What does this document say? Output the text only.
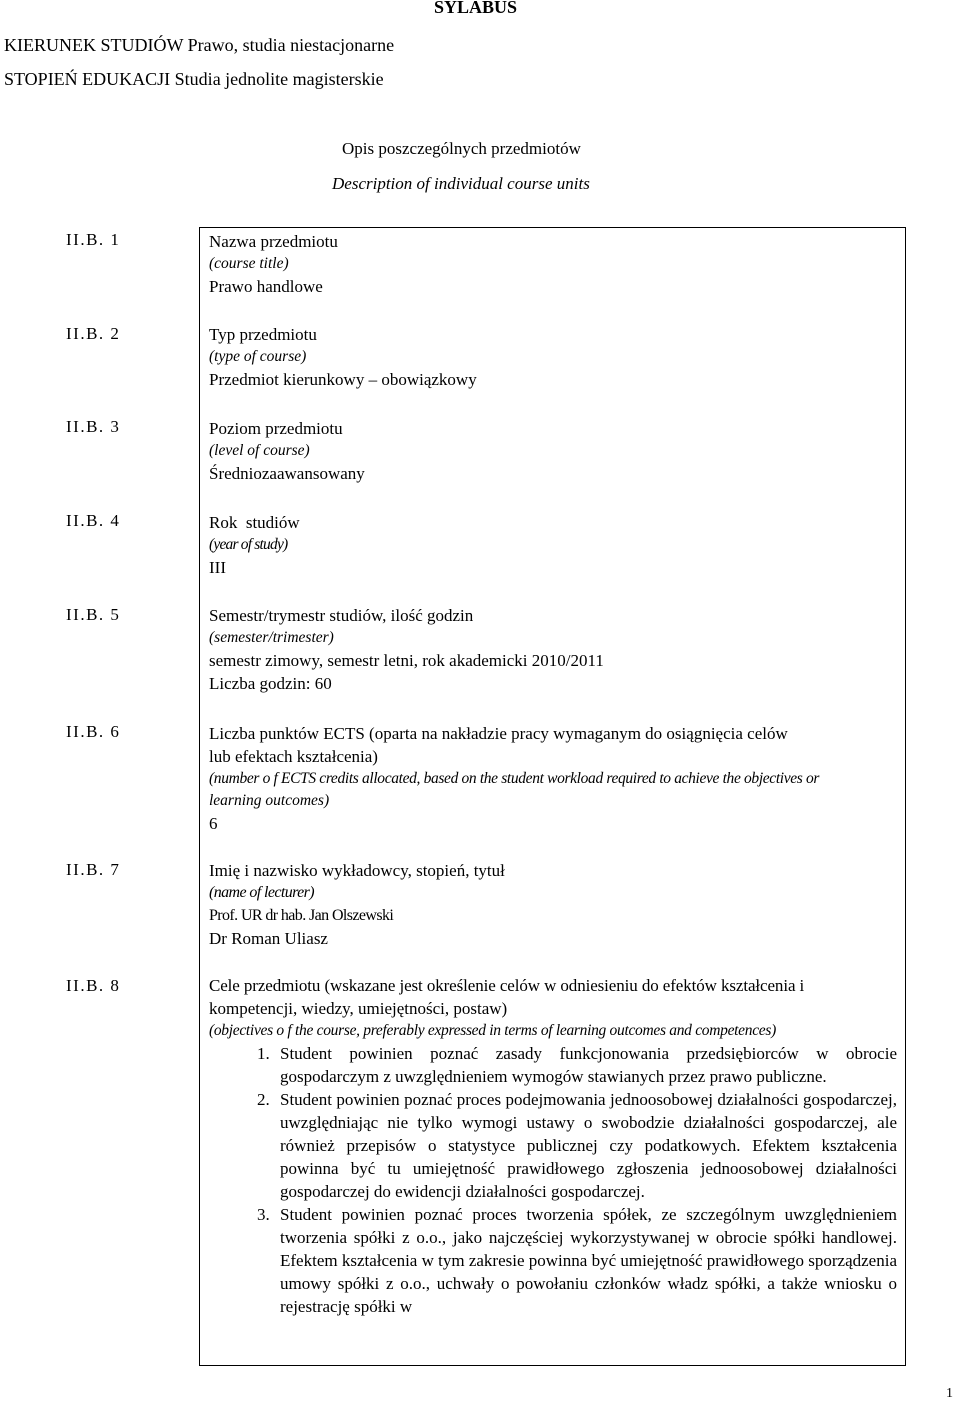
SYLABUS
KIERUNEK STUDIÓW Prawo, studia niestacjonarne
STOPIEŃ EDUKACJI Studia jednolite magisterskie
Opis poszczególnych przedmiotów
Description of individual course units
II.B. 1
II.B. 2
II.B. 3
II.B. 4
II.B. 5
II.B. 6
II.B. 7
II.B. 8
Nazwa przedmiotu
(course title)
Prawo handlowe
Typ przedmiotu
(type of course)
Przedmiot kierunkowy – obowiązkowy
Poziom przedmiotu
(level of course)
Średniozaawansowany
Rok  studiów
(year of study)
III
Semestr/trymestr studiów, ilość godzin
(semester/trimester)
semestr zimowy, semestr letni, rok akademicki 2010/2011
Liczba godzin: 60
Liczba punktów ECTS (oparta na nakładzie pracy wymaganym do osiągnięcia celów
lub efektach kształcenia)
(number o f ECTS credits allocated, based on the student workload required to achieve the objectives or
learning outcomes)
6
Imię i nazwisko wykładowcy, stopień, tytuł
(name of lecturer)
Prof. UR dr hab. Jan Olszewski
Dr Roman Uliasz
Cele przedmiotu (wskazane jest określenie celów w odniesieniu do efektów kształcenia i
kompetencji, wiedzy, umiejętności, postaw)
(objectives o f the course, preferably expressed in terms of learning outcomes and competences)
1. Student powinien poznać zasady funkcjonowania przedsiębiorców w obrocie gospodarczym z uwzględnieniem wymogów stawianych przez prawo publiczne.
2. Student powinien poznać proces podejmowania jednoosobowej działalności gospodarczej, uwzględniając nie tylko wymogi ustawy o swobodzie działalności gospodarczej, ale również przepisów o statystyce publicznej czy podatkowych. Efektem kształcenia powinna być tu umiejętność prawidłowego zgłoszenia jednoosobowej działalności gospodarczej do ewidencji działalności gospodarczej.
3. Student powinien poznać proces tworzenia spółek, ze szczególnym uwzględnieniem tworzenia spółki z o.o., jako najczęściej wykorzystywanej w obrocie spółki handlowej. Efektem kształcenia w tym zakresie powinna być umiejętność prawidłowego sporządzenia umowy spółki z o.o., uchwały o powołaniu członków władz spółki, a także wniosku o rejestrację spółki w
1
